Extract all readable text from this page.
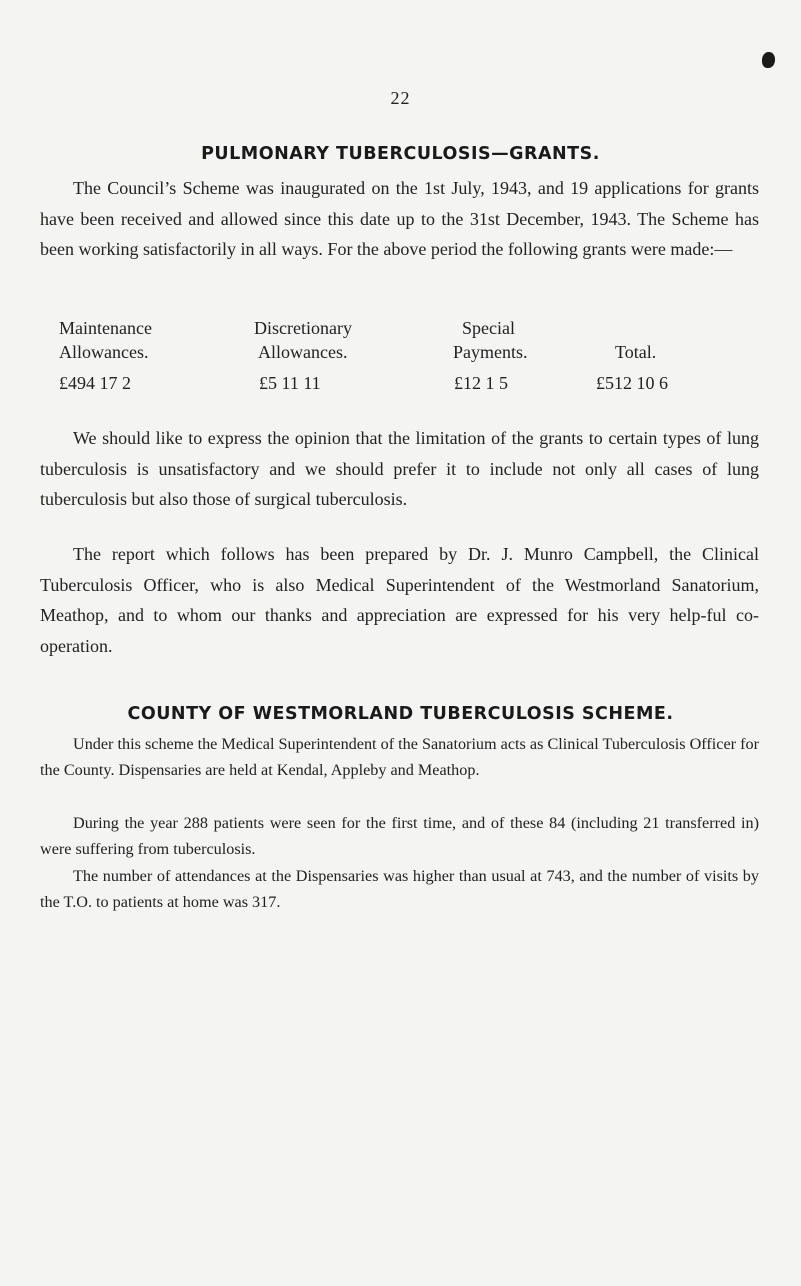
22
PULMONARY TUBERCULOSIS—GRANTS.

The Council’s Scheme was inaugurated on the 1st July, 1943, and 19 applications for grants have been received and allowed since this date up to the 31st December, 1943. The Scheme has been working satisfactorily in all ways. For the above period the following grants were made:—

Maintenance
Allowances.
£494 17 2
Discretionary
Allowances.
£5 11 11
Special
Payments.
£12 1 5
Total.
£512 10 6

We should like to express the opinion that the limitation of the grants to certain types of lung tuberculosis is unsatisfactory and we should prefer it to include not only all cases of lung tuberculosis but also those of surgical tuberculosis.

The report which follows has been prepared by Dr. J. Munro Campbell, the Clinical Tuberculosis Officer, who is also Medical Superintendent of the Westmorland Sanatorium, Meathop, and to whom our thanks and appreciation are expressed for his very help-ful co-operation.

COUNTY OF WESTMORLAND TUBERCULOSIS SCHEME.

Under this scheme the Medical Superintendent of the Sanatorium acts as Clinical Tuberculosis Officer for the County. Dispensaries are held at Kendal, Appleby and Meathop.

During the year 288 patients were seen for the first time, and of these 84 (including 21 transferred in) were suffering from tuberculosis.

The number of attendances at the Dispensaries was higher than usual at 743, and the number of visits by the T.O. to patients at home was 317.
